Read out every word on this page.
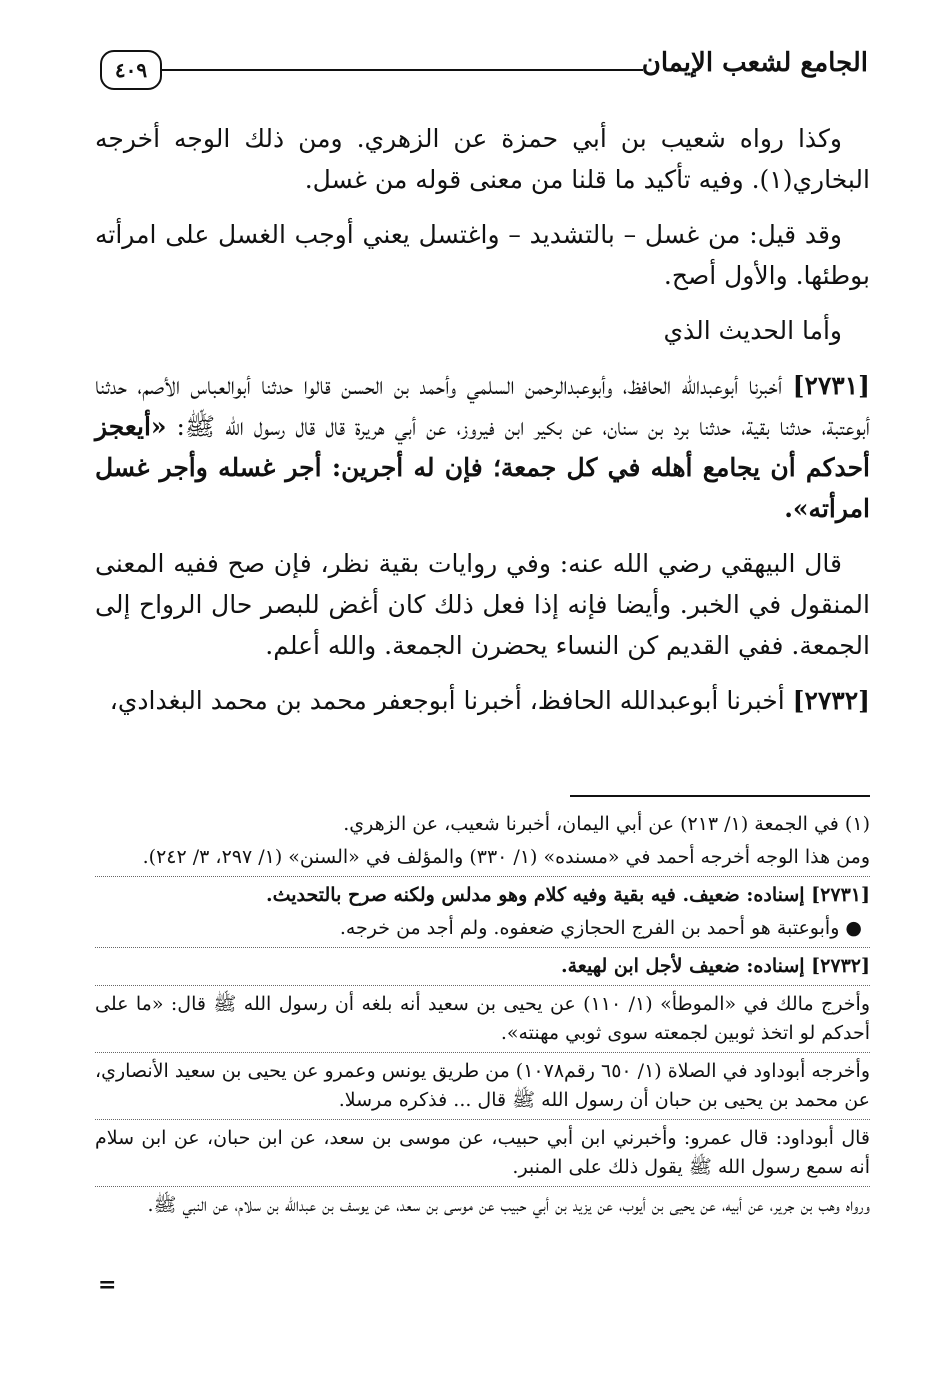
٤٠٩	الجامع لشعب الإيمان

وكذا رواه شعيب بن أبي حمزة عن الزهري. ومن ذلك الوجه أخرجه البخاري(١). وفيه تأكيد ما قلنا من معنى قوله من غسل.

وقد قيل: من غسل – بالتشديد – واغتسل يعني أوجب الغسل على امرأته بوطئها. والأول أصح.

وأما الحديث الذي

[٢٧٣١] أخبرنا أبوعبدالله الحافظ، وأبوعبدالرحمن السلمي وأحمد بن الحسن قالوا حدثنا أبوالعباس الأصم، حدثنا أبوعتبة، حدثنا بقية، حدثنا برد بن سنان، عن بكير ابن فيروز، عن أبي هريرة قال قال رسول الله ﷺ: «أيعجز أحدكم أن يجامع أهله في كل جمعة؛ فإن له أجرين: أجر غسله وأجر غسل امرأته».

قال البيهقي رضي الله عنه: وفي روايات بقية نظر، فإن صح ففيه المعنى المنقول في الخبر. وأيضا فإنه إذا فعل ذلك كان أغض للبصر حال الرواح إلى الجمعة. ففي القديم كن النساء يحضرن الجمعة. والله أعلم.

[٢٧٣٢] أخبرنا أبوعبدالله الحافظ، أخبرنا أبوجعفر محمد بن محمد البغدادي،

(١) في الجمعة (١/ ٢١٣) عن أبي اليمان، أخبرنا شعيب، عن الزهري.

ومن هذا الوجه أخرجه أحمد في «مسنده» (١/ ٣٣٠) والمؤلف في «السنن» (١/ ٢٩٧، ٣/ ٢٤٢).

[٢٧٣١] إسناده: ضعيف. فيه بقية وفيه كلام وهو مدلس ولكنه صرح بالتحديث.

● وأبوعتبة هو أحمد بن الفرج الحجازي ضعفوه. ولم أجد من خرجه.

[٢٧٣٢] إسناده: ضعيف لأجل ابن لهيعة.

وأخرج مالك في «الموطأ» (١/ ١١٠) عن يحيى بن سعيد أنه بلغه أن رسول الله ﷺ قال: «ما على أحدكم لو اتخذ ثوبين لجمعته سوى ثوبي مهنته».

وأخرجه أبوداود في الصلاة (١/ ٦٥٠ رقم١٠٧٨) من طريق يونس وعمرو عن يحيى بن سعيد الأنصاري، عن محمد بن يحيى بن حبان أن رسول الله ﷺ قال ... فذكره مرسلا.

قال أبوداود: قال عمرو: وأخبرني ابن أبي حبيب، عن موسى بن سعد، عن ابن حبان، عن ابن سلام أنه سمع رسول الله ﷺ يقول ذلك على المنبر.

ورواه وهب بن جرير، عن أبيه، عن يحيى بن أيوب، عن يزيد بن أبي حبيب عن موسى بن سعد، عن يوسف بن عبدالله بن سلام، عن النبي ﷺ.

=
